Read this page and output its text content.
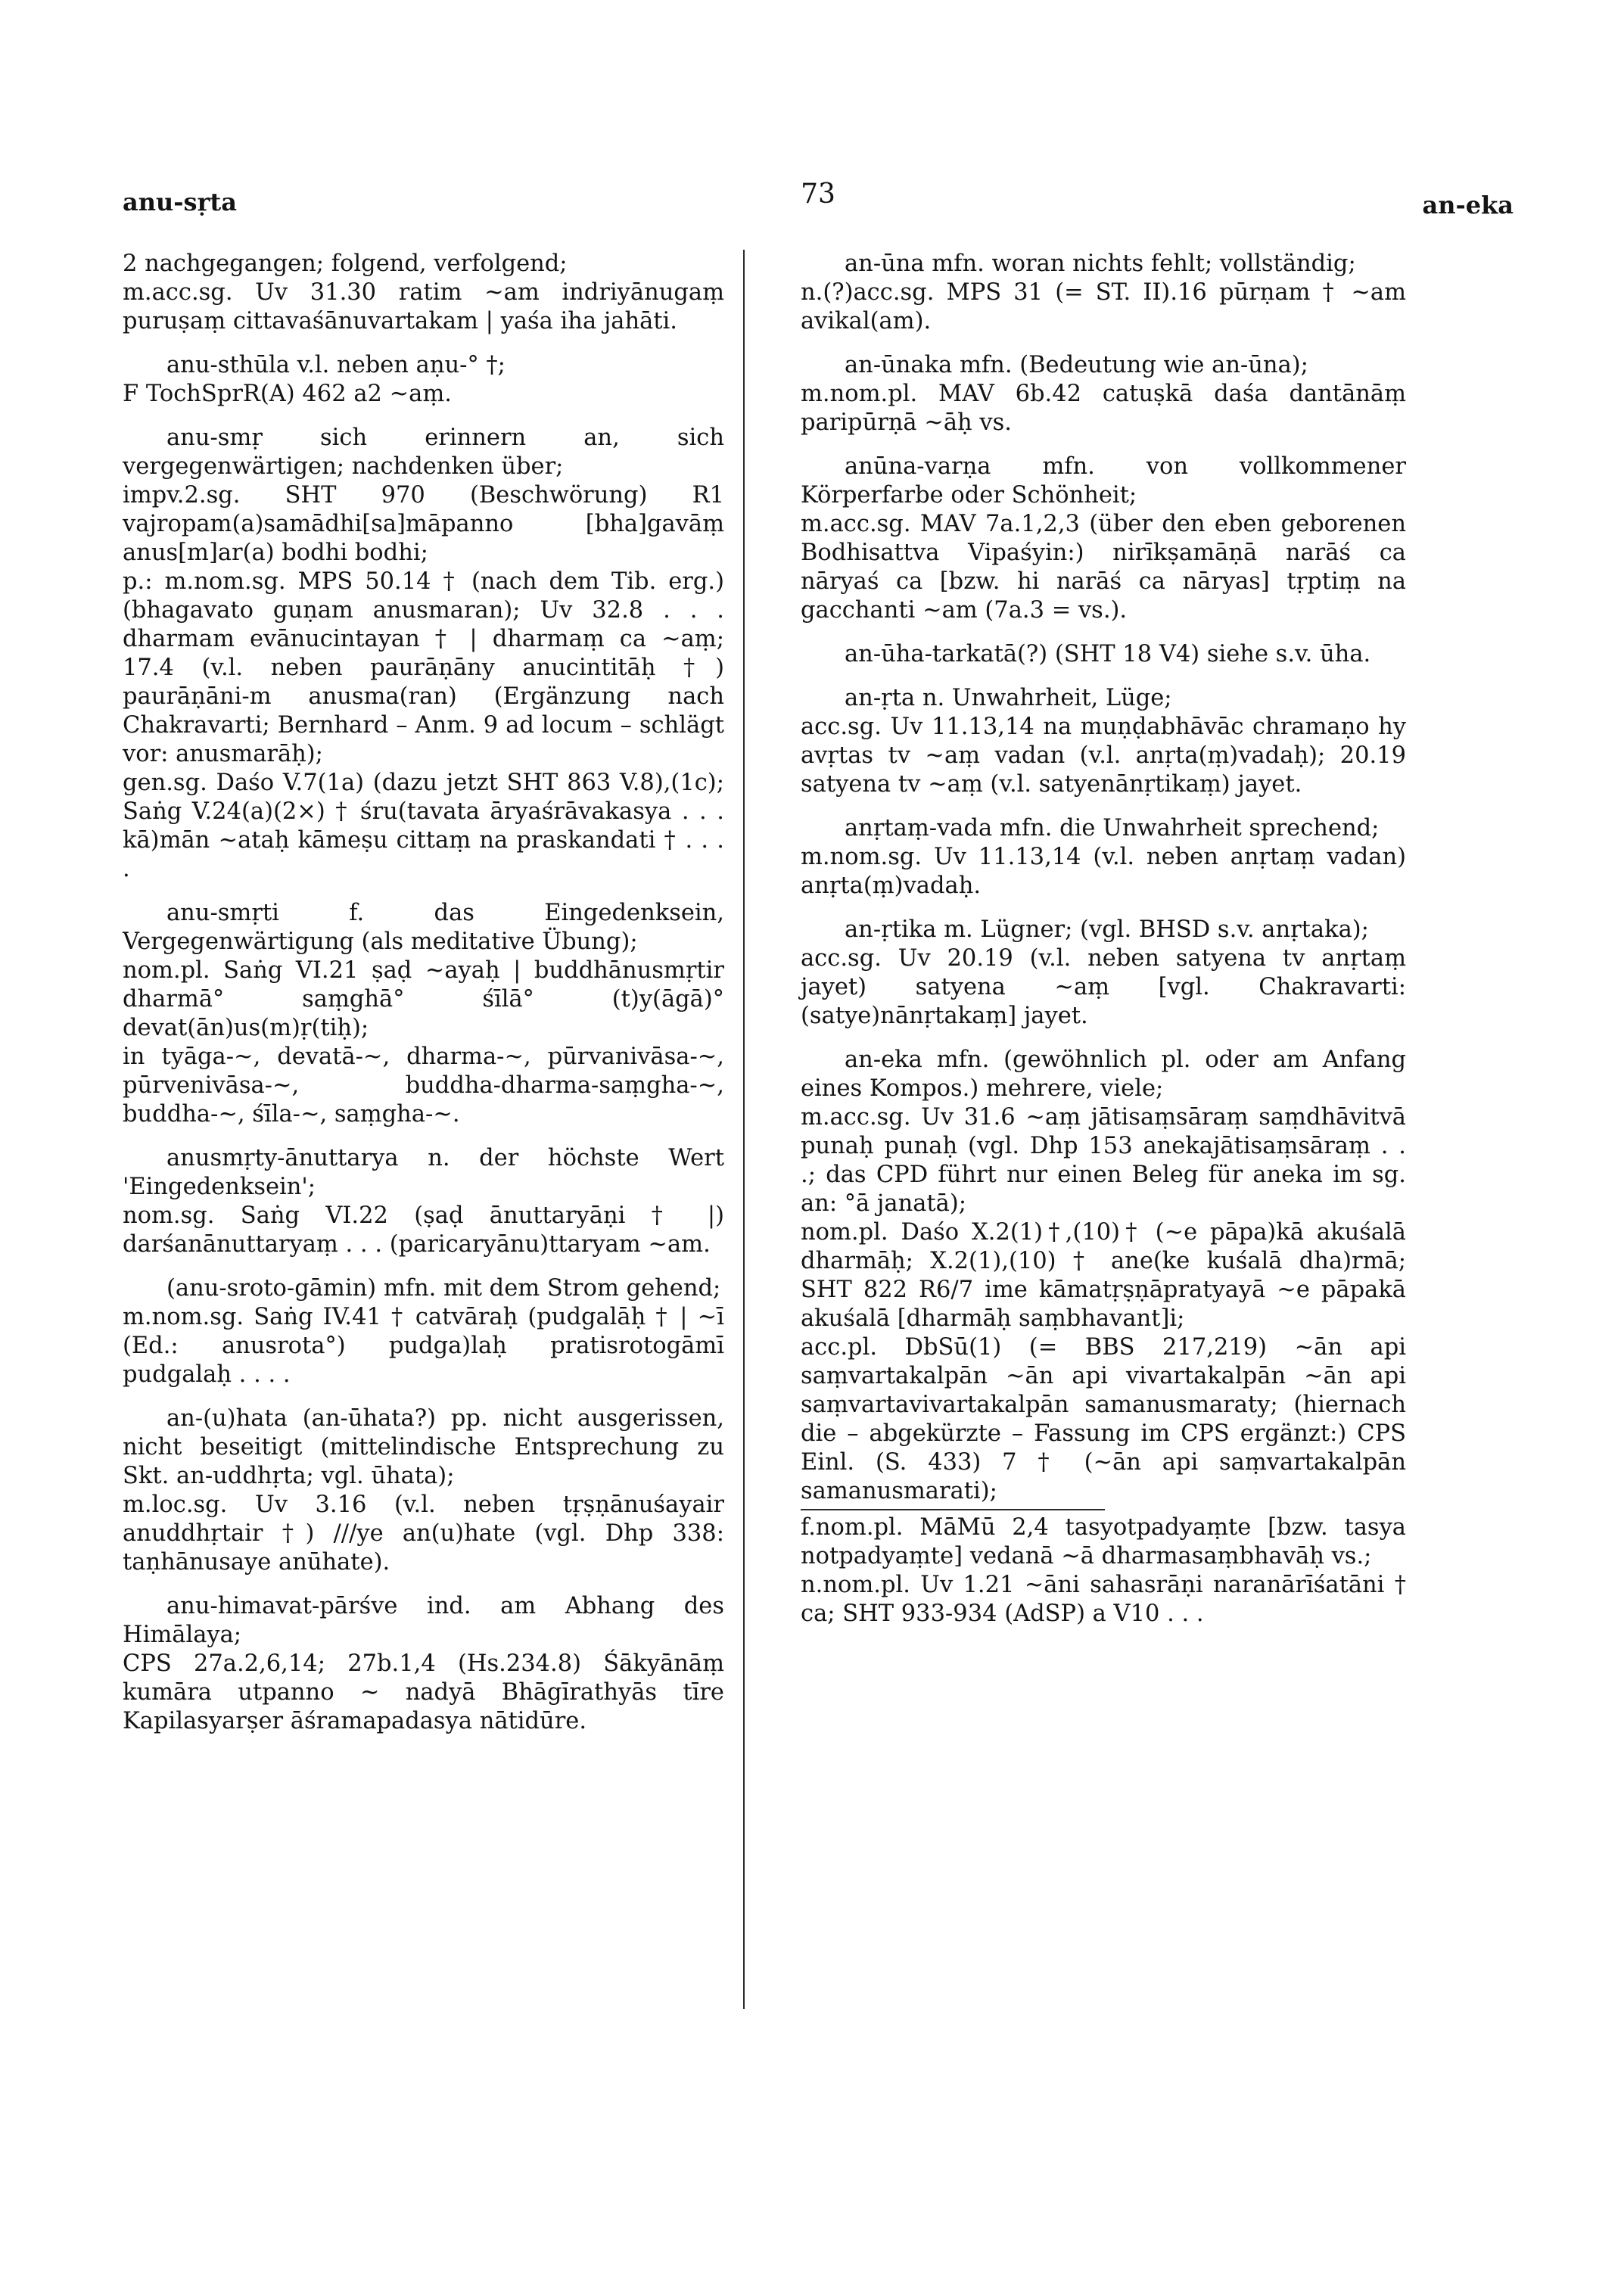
anu-sṛta	73	an-eka
2 nachgegangen; folgend, verfolgend;
m.acc.sg. Uv 31.30 ratim ~am indriyānugaṃ puruṣaṃ cittavaśānuvartakam | yaśa iha jahāti.
anu-sthūla v.l. neben aṇu-° †;
F TochSprR(A) 462 a2 ~aṃ.
anu-smṛ sich erinnern an, sich vergegenwärtigen; nachdenken über;
impv.2.sg. SHT 970 (Beschwörung) R1 vajropam(a)samādhi[sa]māpanno [bha]gavāṃ anus[m]ar(a) bodhi bodhi;
p.: m.nom.sg. MPS 50.14 † (nach dem Tib. erg.) (bhagavato guṇam anusmaran); Uv 32.8 . . . dharmam evānucintayan † | dharmaṃ ca ~aṃ; 17.4 (v.l. neben paurāṇāny anucintitāḥ †) paurāṇāni-m anusma(ran) (Ergänzung nach Chakravarti; Bernhard – Anm. 9 ad locum – schlägt vor: anusmarāḥ);
gen.sg. Daśo V.7(1a) (dazu jetzt SHT 863 V.8),(1c); Saṅg V.24(a)(2×) † śru(tavata āryaśrāvakasya . . . kā)mān ~ataḥ kāmeṣu cittaṃ na praskandati † . . . .
anu-smṛti f. das Eingedenksein, Vergegenwärtigung (als meditative Übung);
nom.pl. Saṅg VI.21 ṣaḍ ~ayaḥ | buddhānusmṛtir dharmā° saṃghā° śīlā° (t)y(āgā)° devat(ān)us(m)ṛ(tiḥ);
in tyāga-~, devatā-~, dharma-~, pūrvanivāsa-~, pūrvenivāsa-~, buddha-dharma-saṃgha-~, buddha-~, śīla-~, saṃgha-~.
anusmṛty-ānuttarya n. der höchste Wert 'Eingedenksein';
nom.sg. Saṅg VI.22 (ṣaḍ ānuttaryāṇi † |) darśanānuttaryaṃ . . . (paricaryānu)ttaryam ~am.
(anu-sroto-gāmin) mfn. mit dem Strom gehend;
m.nom.sg. Saṅg IV.41 † catvāraḥ (pudgalāḥ † | ~ī (Ed.: anusrota°) pudga)laḥ pratisrotogāmī pudgalaḥ . . . .
an-(u)hata (an-ūhata?) pp. nicht ausgerissen, nicht beseitigt (mittelindische Entsprechung zu Skt. an-uddhṛta; vgl. ūhata);
m.loc.sg. Uv 3.16 (v.l. neben tṛṣṇānuśayair anuddhṛtair †) ///ye an(u)hate (vgl. Dhp 338: taṇhānusaye anūhate).
anu-himavat-pārśve ind. am Abhang des Himālaya;
CPS 27a.2,6,14; 27b.1,4 (Hs.234.8) Śākyānāṃ kumāra utpanno ~ nadyā Bhāgīrathyās tīre Kapilasyarṣer āśramapadasya nātidūre.
an-ūna mfn. woran nichts fehlt; vollständig;
n.(?)acc.sg. MPS 31 (= ST. II).16 pūrṇam † ~am avikal(am).
an-ūnaka mfn. (Bedeutung wie an-ūna);
m.nom.pl. MAV 6b.42 catuṣkā daśa dantānāṃ paripūrṇā ~āḥ vs.
anūna-varṇa mfn. von vollkommener Körperfarbe oder Schönheit;
m.acc.sg. MAV 7a.1,2,3 (über den eben geborenen Bodhisattva Vipaśyin:) nirīkṣamāṇā narāś ca nāryaś ca [bzw. hi narāś ca nāryas] tṛptiṃ na gacchanti ~am (7a.3 = vs.).
an-ūha-tarkatā(?) (SHT 18 V4) siehe s.v. ūha.
an-ṛta n. Unwahrheit, Lüge;
acc.sg. Uv 11.13,14 na muṇḍabhāvāc chramaṇo hy avṛtas tv ~aṃ vadan (v.l. anṛta(ṃ)vadaḥ); 20.19 satyena tv ~aṃ (v.l. satyenānṛtikaṃ) jayet.
anṛtaṃ-vada mfn. die Unwahrheit sprechend;
m.nom.sg. Uv 11.13,14 (v.l. neben anṛtaṃ vadan) anṛta(ṃ)vadaḥ.
an-ṛtika m. Lügner; (vgl. BHSD s.v. anṛtaka);
acc.sg. Uv 20.19 (v.l. neben satyena tv anṛtaṃ jayet) satyena ~aṃ [vgl. Chakravarti: (satye)nānṛtakaṃ] jayet.
an-eka mfn. (gewöhnlich pl. oder am Anfang eines Kompos.) mehrere, viele;
m.acc.sg. Uv 31.6 ~aṃ jātisaṃsāraṃ saṃdhāvitvā punaḥ punaḥ (vgl. Dhp 153 anekajātisaṃsāraṃ . . .; das CPD führt nur einen Beleg für aneka im sg. an: °ā janatā);
nom.pl. Daśo X.2(1)†,(10)† (~e pāpa)kā akuśalā dharmāḥ; X.2(1),(10) † ane(ke kuśalā dha)rmā; SHT 822 R6/7 ime kāmatṛṣṇāpratyayā ~e pāpakā akuśalā [dharmāḥ saṃbhavant]i;
acc.pl. DbSū(1) (= BBS 217,219) ~ān api saṃvartakalpān ~ān api vivartakalpān ~ān api saṃvartavivartakalpān samanusmaraty; (hiernach die – abgekürzte – Fassung im CPS ergänzt:) CPS Einl. (S. 433) 7 † (~ān api saṃvartakalpān samanusmarati);
f.nom.pl. MāMū 2,4 tasyotpadyaṃte [bzw. tasya notpadyaṃte] vedanā ~ā dharmasaṃbhavāḥ vs.;
n.nom.pl. Uv 1.21 ~āni sahasrāṇi naranārīśatāni † ca; SHT 933-934 (AdSP) a V10 . . .
